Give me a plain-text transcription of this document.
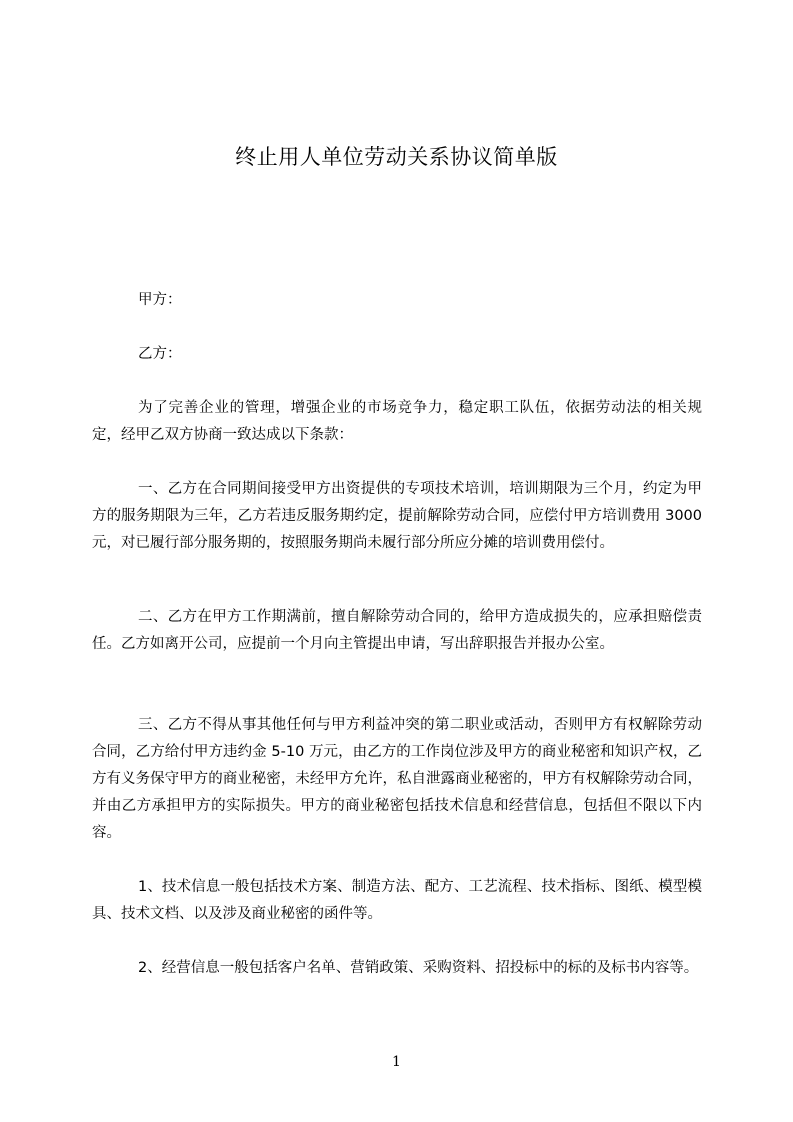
终止用人单位劳动关系协议简单版
甲方：
乙方：
为了完善企业的管理，增强企业的市场竞争力，稳定职工队伍，依据劳动法的相关规定，经甲乙双方协商一致达成以下条款：
一、乙方在合同期间接受甲方出资提供的专项技术培训，培训期限为三个月，约定为甲方的服务期限为三年，乙方若违反服务期约定，提前解除劳动合同，应偿付甲方培训费用 3000 元，对已履行部分服务期的，按照服务期尚未履行部分所应分摊的培训费用偿付。
二、乙方在甲方工作期满前，擅自解除劳动合同的，给甲方造成损失的，应承担赔偿责任。乙方如离开公司，应提前一个月向主管提出申请，写出辞职报告并报办公室。
三、乙方不得从事其他任何与甲方利益冲突的第二职业或活动，否则甲方有权解除劳动合同，乙方给付甲方违约金 5-10 万元，由乙方的工作岗位涉及甲方的商业秘密和知识产权，乙方有义务保守甲方的商业秘密，未经甲方允许，私自泄露商业秘密的，甲方有权解除劳动合同，并由乙方承担甲方的实际损失。甲方的商业秘密包括技术信息和经营信息，包括但不限以下内容。
1、技术信息一般包括技术方案、制造方法、配方、工艺流程、技术指标、图纸、模型模具、技术文档、以及涉及商业秘密的函件等。
2、经营信息一般包括客户名单、营销政策、采购资料、招投标中的标的及标书内容等。
1
